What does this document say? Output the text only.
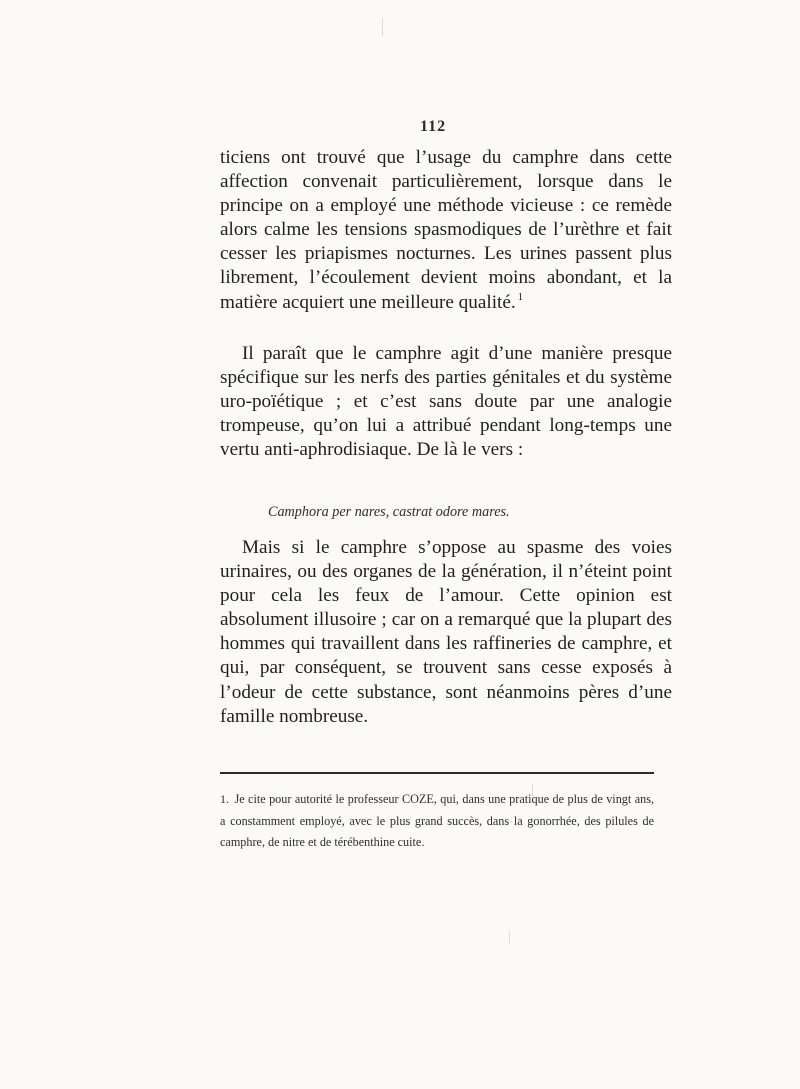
112
ticiens ont trouvé que l’usage du camphre dans cette affection convenait particulièrement, lorsque dans le principe on a employé une méthode vicieuse : ce remède alors calme les tensions spasmodiques de l’urèthre et fait cesser les priapismes nocturnes. Les urines passent plus librement, l’écoulement devient moins abondant, et la matière acquiert une meilleure qualité. $^1$
Il paraît que le camphre agit d’une manière presque spécifique sur les nerfs des parties génitales et du système uro-poïétique ; et c’est sans doute par une analogie trompeuse, qu’on lui a attribué pendant long-temps une vertu anti-aphrodisiaque. De là le vers :
Camphora per nares, castrat odore mares.
Mais si le camphre s’oppose au spasme des voies urinaires, ou des organes de la génération, il n’éteint point pour cela les feux de l’amour. Cette opinion est absolument illusoire ; car on a remarqué que la plupart des hommes qui travaillent dans les raffineries de camphre, et qui, par conséquent, se trouvent sans cesse exposés à l’odeur de cette substance, sont néanmoins pères d’une famille nombreuse.
1. Je cite pour autorité le professeur COZE, qui, dans une pratique de plus de vingt ans, a constamment employé, avec le plus grand succès, dans la gonorrhée, des pilules de camphre, de nitre et de térébenthine cuite.
